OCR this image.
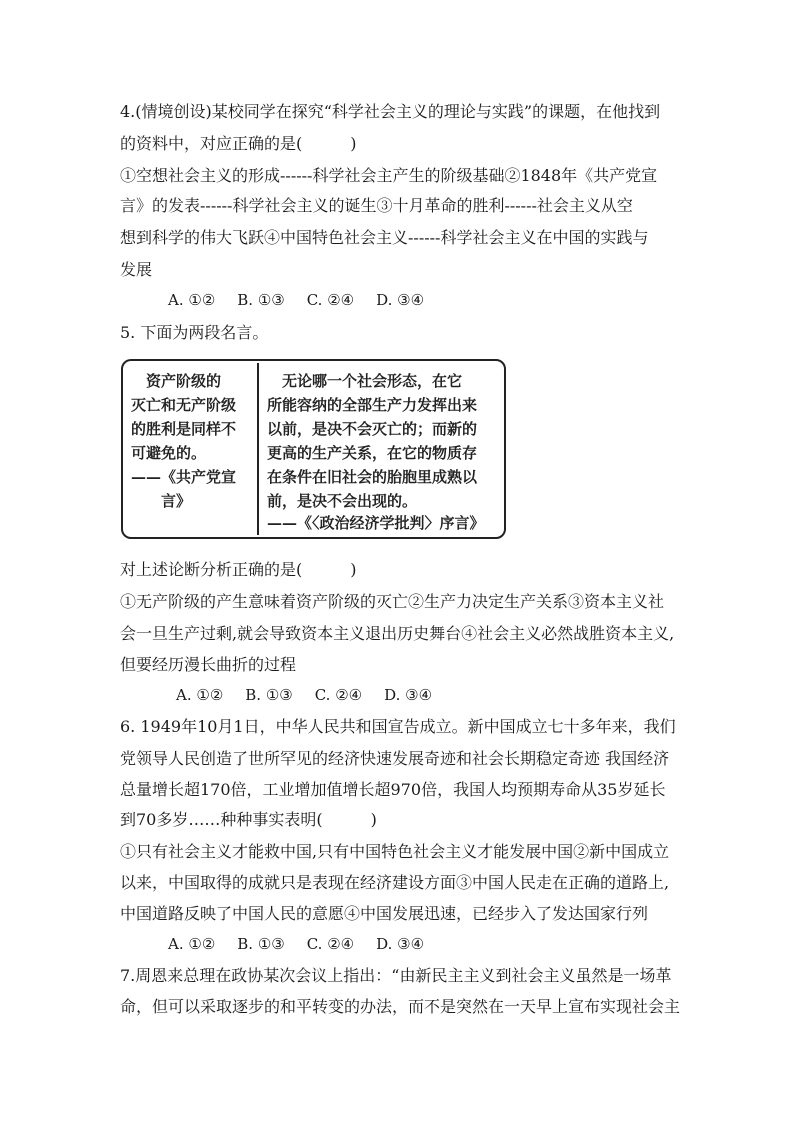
4.(情境创设)某校同学在探究“科学社会主义的理论与实践”的课题，在他找到
的资料中，对应正确的是(　　　)
①空想社会主义的形成------科学社会主产生的阶级基础②1848年《共产党宣
言》的发表------科学社会主义的诞生③十月革命的胜利------社会主义从空
想到科学的伟大飞跃④中国特色社会主义------科学社会主义在中国的实践与
发展
A. ①② B. ①③ C. ②④ D. ③④
5. 下面为两段名言。
　资产阶级的
灭亡和无产阶级
的胜利是同样不
可避免的。
——《共产党宣
　　言》
　无论哪一个社会形态，在它
所能容纳的全部生产力发挥出来
以前，是决不会灭亡的；而新的
更高的生产关系，在它的物质存
在条件在旧社会的胎胞里成熟以
前，是决不会出现的。
——《〈政治经济学批判〉序言》
对上述论断分析正确的是(　　　)
①无产阶级的产生意味着资产阶级的灭亡②生产力决定生产关系③资本主义社
会一旦生产过剩,就会导致资本主义退出历史舞台④社会主义必然战胜资本主义,
但要经历漫长曲折的过程
A. ①② B. ①③ C. ②④ D. ③④
6. 1949年10月1日，中华人民共和国宣告成立。新中国成立七十多年来，我们
党领导人民创造了世所罕见的经济快速发展奇迹和社会长期稳定奇迹 我国经济
总量增长超170倍，工业增加值增长超970倍，我国人均预期寿命从35岁延长
到70多岁……种种事实表明(　　　)
①只有社会主义才能救中国,只有中国特色社会主义才能发展中国②新中国成立
以来，中国取得的成就只是表现在经济建设方面③中国人民走在正确的道路上,
中国道路反映了中国人民的意愿④中国发展迅速，已经步入了发达国家行列
A. ①② B. ①③ C. ②④ D. ③④
7.周恩来总理在政协某次会议上指出：“由新民主主义到社会主义虽然是一场革
命，但可以采取逐步的和平转变的办法，而不是突然在一天早上宣布实现社会主
